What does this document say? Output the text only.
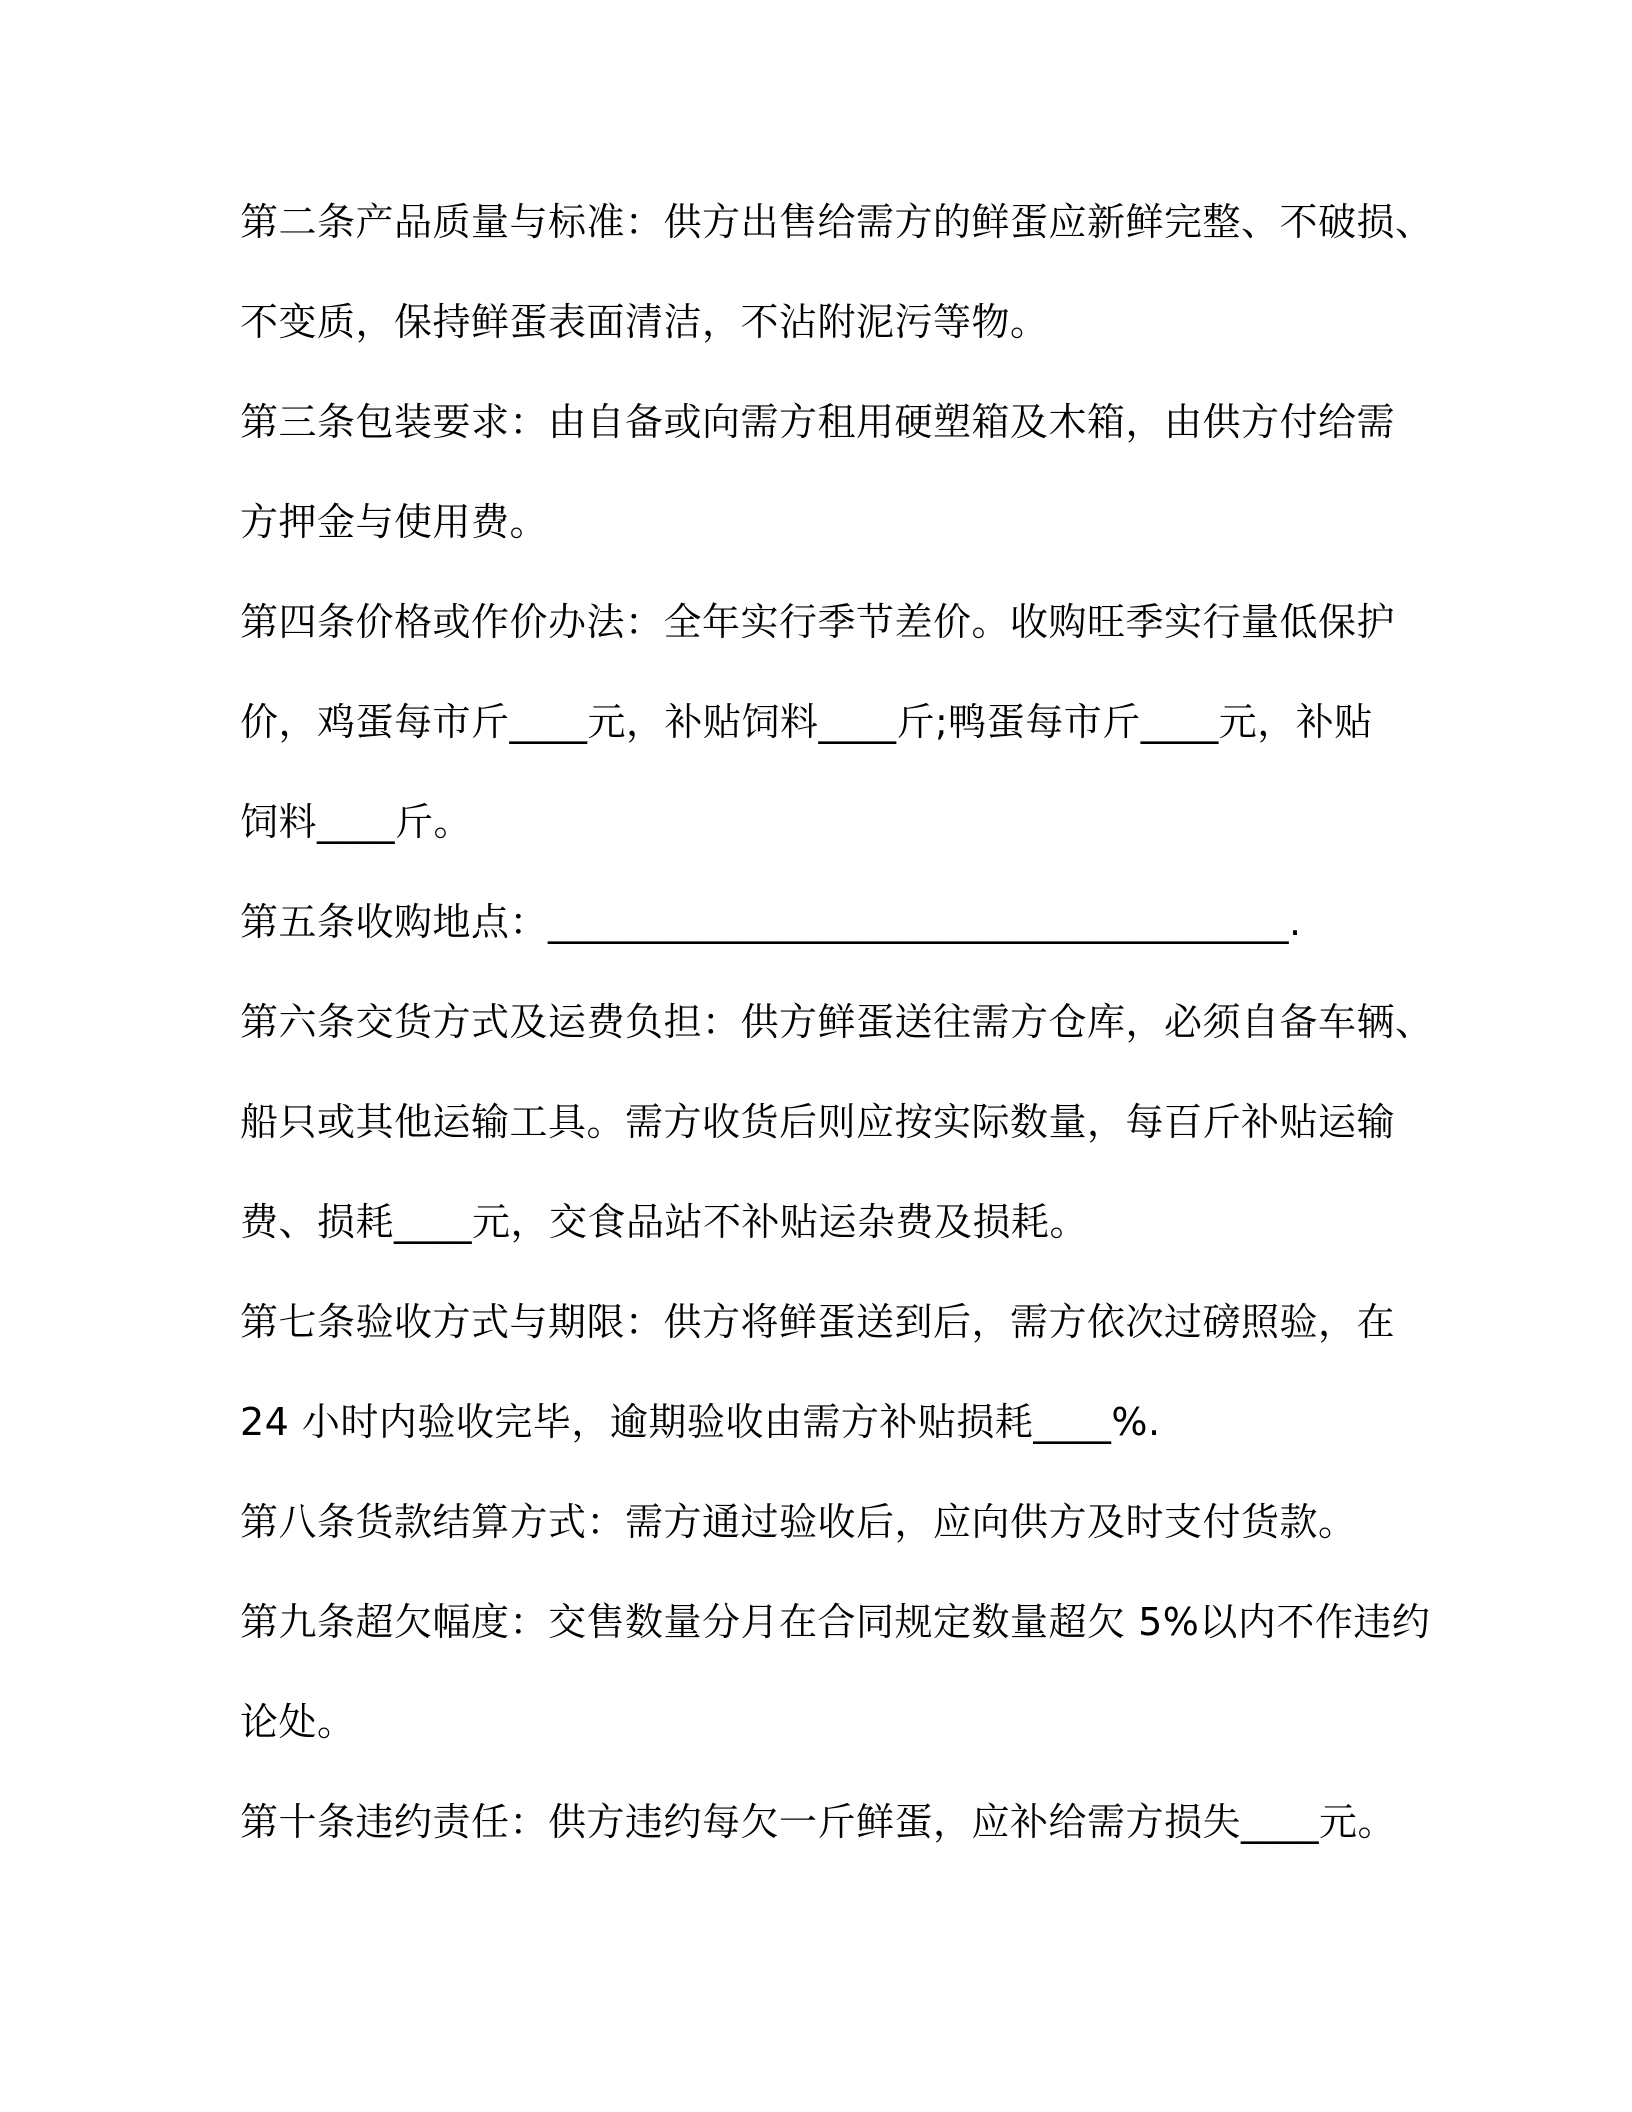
第二条产品质量与标准：供方出售给需方的鲜蛋应新鲜完整、不破损、
不变质，保持鲜蛋表面清洁，不沾附泥污等物。
第三条包装要求：由自备或向需方租用硬塑箱及木箱，由供方付给需
方押金与使用费。
第四条价格或作价办法：全年实行季节差价。收购旺季实行量低保护
价，鸡蛋每市斤____元，补贴饲料____斤;鸭蛋每市斤____元，补贴
饲料____斤。
第五条收购地点：______________________________________.
第六条交货方式及运费负担：供方鲜蛋送往需方仓库，必须自备车辆、
船只或其他运输工具。需方收货后则应按实际数量，每百斤补贴运输
费、损耗____元，交食品站不补贴运杂费及损耗。
第七条验收方式与期限：供方将鲜蛋送到后，需方依次过磅照验，在
24 小时内验收完毕，逾期验收由需方补贴损耗____%.
第八条货款结算方式：需方通过验收后，应向供方及时支付货款。
第九条超欠幅度：交售数量分月在合同规定数量超欠 5%以内不作违约
论处。
第十条违约责任：供方违约每欠一斤鲜蛋，应补给需方损失____元。
